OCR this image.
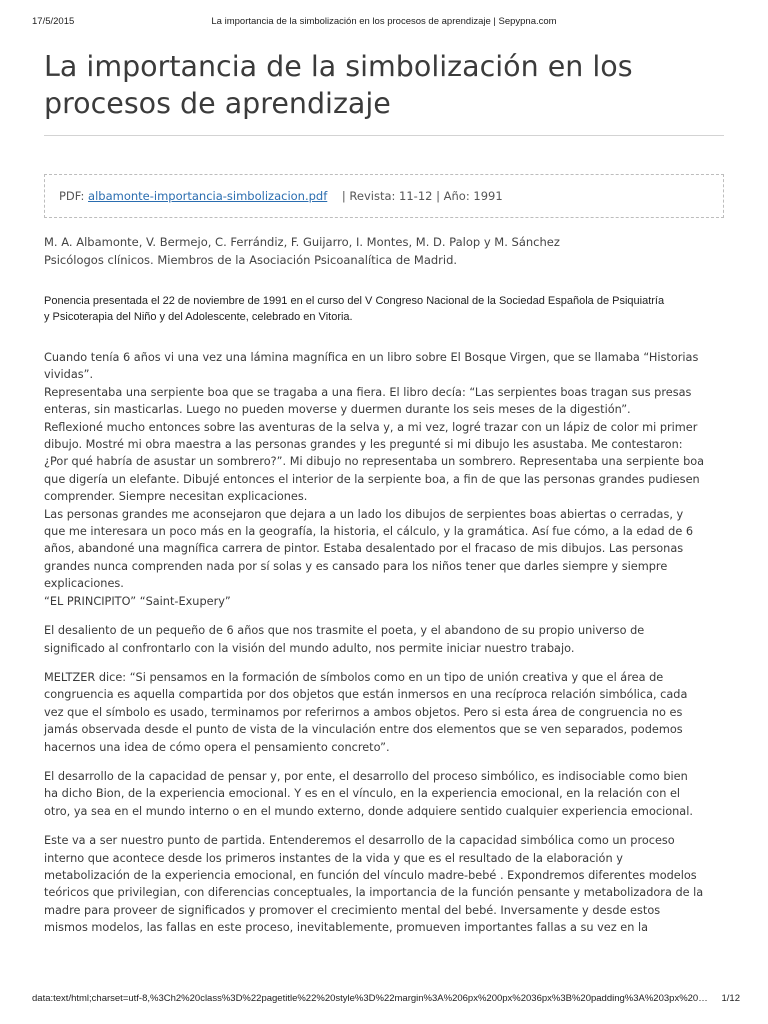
17/5/2015	La importancia de la simbolización en los procesos de aprendizaje | Sepypna.com
La importancia de la simbolización en los
procesos de aprendizaje
PDF: albamonte-importancia-simbolizacion.pdf | Revista: 11-12 | Año: 1991
M. A. Albamonte, V. Bermejo, C. Ferrándiz, F. Guijarro, I. Montes, M. D. Palop y M. Sánchez
Psicólogos clínicos. Miembros de la Asociación Psicoanalítica de Madrid.
Ponencia presentada el 22 de noviembre de 1991 en el curso del V Congreso Nacional de la Sociedad Española de Psiquiatría
y Psicoterapia del Niño y del Adolescente, celebrado en Vitoria.
Cuando tenía 6 años vi una vez una lámina magnífica en un libro sobre El Bosque Virgen, que se llamaba “Historias
vividas”.
Representaba una serpiente boa que se tragaba a una fiera. El libro decía: “Las serpientes boas tragan sus presas
enteras, sin masticarlas. Luego no pueden moverse y duermen durante los seis meses de la digestión”.
Reflexioné mucho entonces sobre las aventuras de la selva y, a mi vez, logré trazar con un lápiz de color mi primer
dibujo. Mostré mi obra maestra a las personas grandes y les pregunté si mi dibujo les asustaba. Me contestaron:
¿Por qué habría de asustar un sombrero?”. Mi dibujo no representaba un sombrero. Representaba una serpiente boa
que digería un elefante. Dibujé entonces el interior de la serpiente boa, a fin de que las personas grandes pudiesen
comprender. Siempre necesitan explicaciones.
Las personas grandes me aconsejaron que dejara a un lado los dibujos de serpientes boas abiertas o cerradas, y
que me interesara un poco más en la geografía, la historia, el cálculo, y la gramática. Así fue cómo, a la edad de 6
años, abandoné una magnífica carrera de pintor. Estaba desalentado por el fracaso de mis dibujos. Las personas
grandes nunca comprenden nada por sí solas y es cansado para los niños tener que darles siempre y siempre
explicaciones.
“EL PRINCIPITO” “Saint-Exupery”
El desaliento de un pequeño de 6 años que nos trasmite el poeta, y el abandono de su propio universo de
significado al confrontarlo con la visión del mundo adulto, nos permite iniciar nuestro trabajo.
MELTZER dice: “Si pensamos en la formación de símbolos como en un tipo de unión creativa y que el área de
congruencia es aquella compartida por dos objetos que están inmersos en una recíproca relación simbólica, cada
vez que el símbolo es usado, terminamos por referirnos a ambos objetos. Pero si esta área de congruencia no es
jamás observada desde el punto de vista de la vinculación entre dos elementos que se ven separados, podemos
hacernos una idea de cómo opera el pensamiento concreto”.
El desarrollo de la capacidad de pensar y, por ente, el desarrollo del proceso simbólico, es indisociable como bien
ha dicho Bion, de la experiencia emocional. Y es en el vínculo, en la experiencia emocional, en la relación con el
otro, ya sea en el mundo interno o en el mundo externo, donde adquiere sentido cualquier experiencia emocional.
Este va a ser nuestro punto de partida. Entenderemos el desarrollo de la capacidad simbólica como un proceso
interno que acontece desde los primeros instantes de la vida y que es el resultado de la elaboración y
metabolización de la experiencia emocional, en función del vínculo madre-bebé . Expondremos diferentes modelos
teóricos que privilegian, con diferencias conceptuales, la importancia de la función pensante y metabolizadora de la
madre para proveer de significados y promover el crecimiento mental del bebé. Inversamente y desde estos
mismos modelos, las fallas en este proceso, inevitablemente, promueven importantes fallas a su vez en la
data:text/html;charset=utf-8,%3Ch2%20class%3D%22pagetitle%22%20style%3D%22margin%3A%206px%200px%2036px%3B%20padding%3A%203px%20… 1/12
